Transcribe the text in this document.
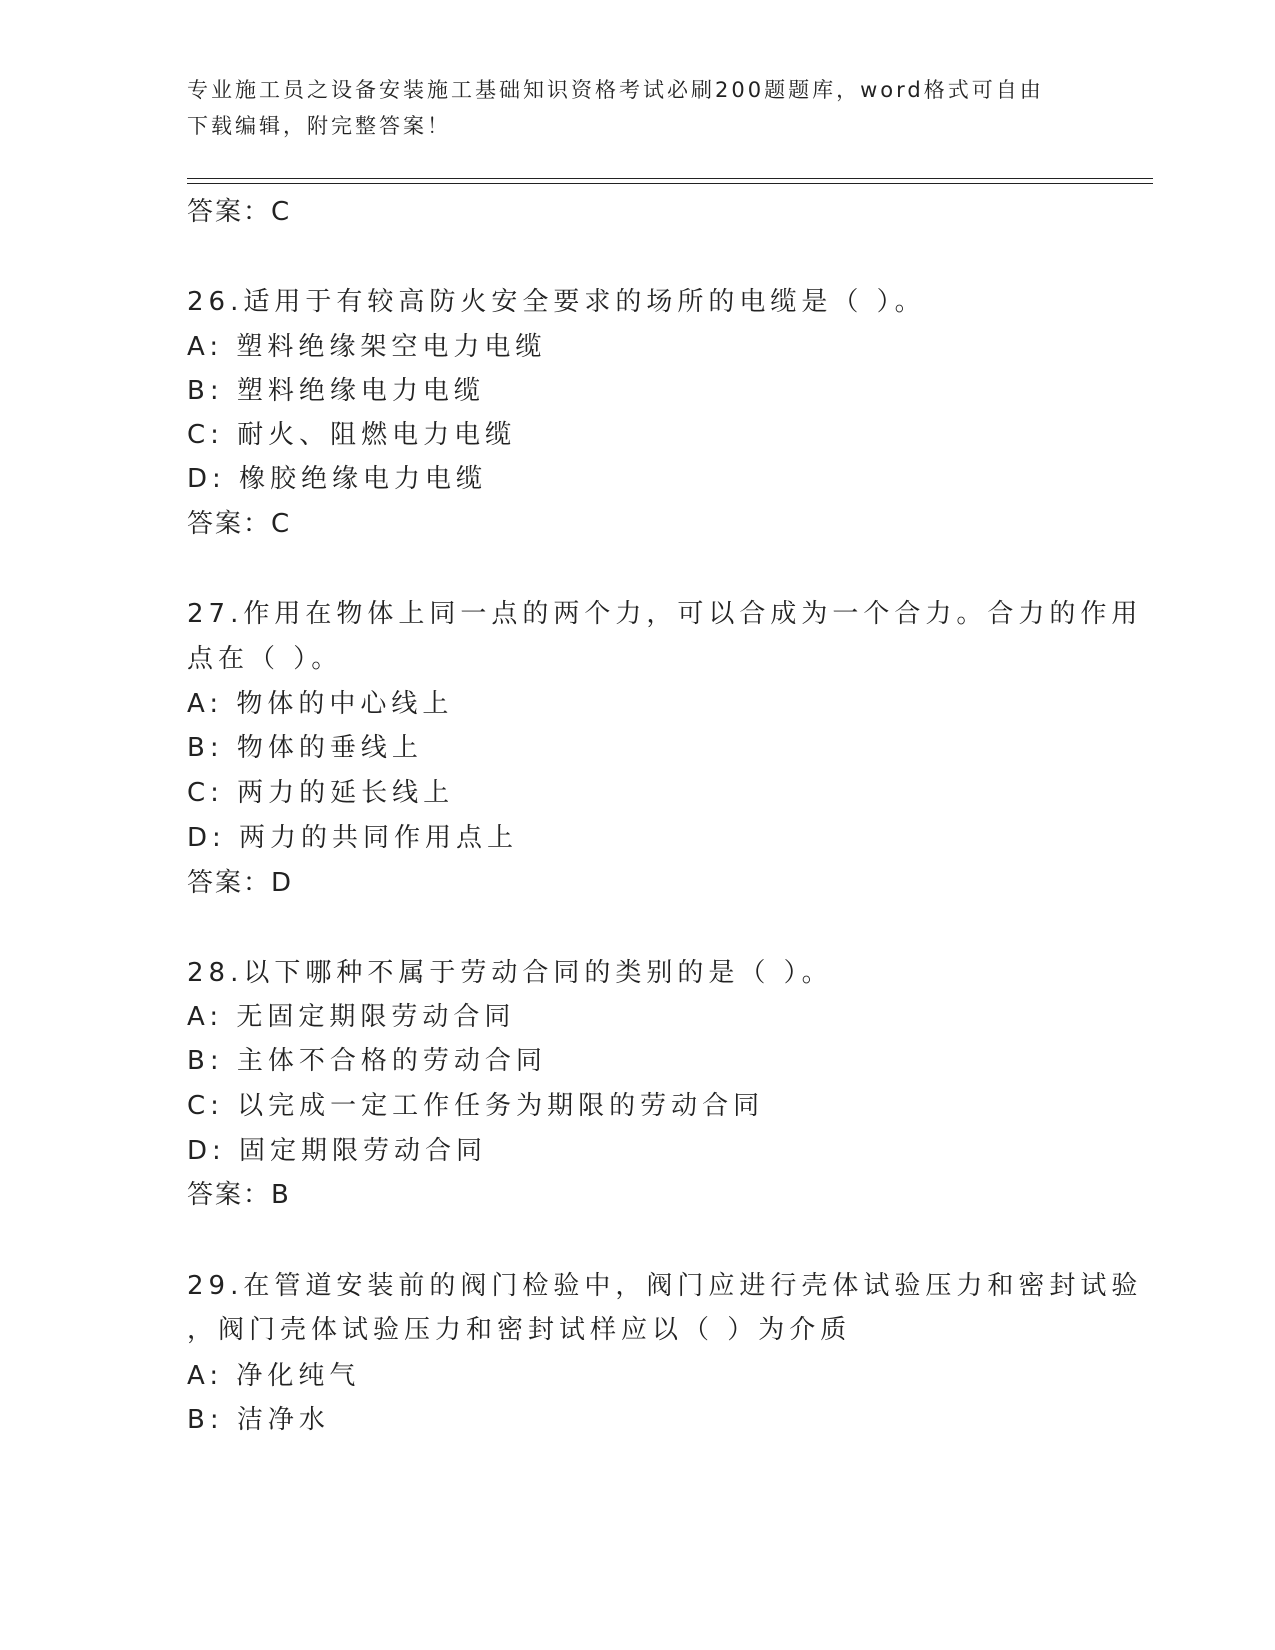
专业施工员之设备安装施工基础知识资格考试必刷200题题库，word格式可自由
下载编辑，附完整答案！
答案：C
26.适用于有较高防火安全要求的场所的电缆是（ ）。
A: 塑料绝缘架空电力电缆
B: 塑料绝缘电力电缆
C: 耐火、阻燃电力电缆
D: 橡胶绝缘电力电缆
答案：C
27.作用在物体上同一点的两个力，可以合成为一个合力。合力的作用
点在（ ）。
A: 物体的中心线上
B: 物体的垂线上
C: 两力的延长线上
D: 两力的共同作用点上
答案：D
28.以下哪种不属于劳动合同的类别的是（ ）。
A: 无固定期限劳动合同
B: 主体不合格的劳动合同
C: 以完成一定工作任务为期限的劳动合同
D: 固定期限劳动合同
答案：B
29.在管道安装前的阀门检验中，阀门应进行壳体试验压力和密封试验
，阀门壳体试验压力和密封试样应以（ ）为介质
A: 净化纯气
B: 洁净水
